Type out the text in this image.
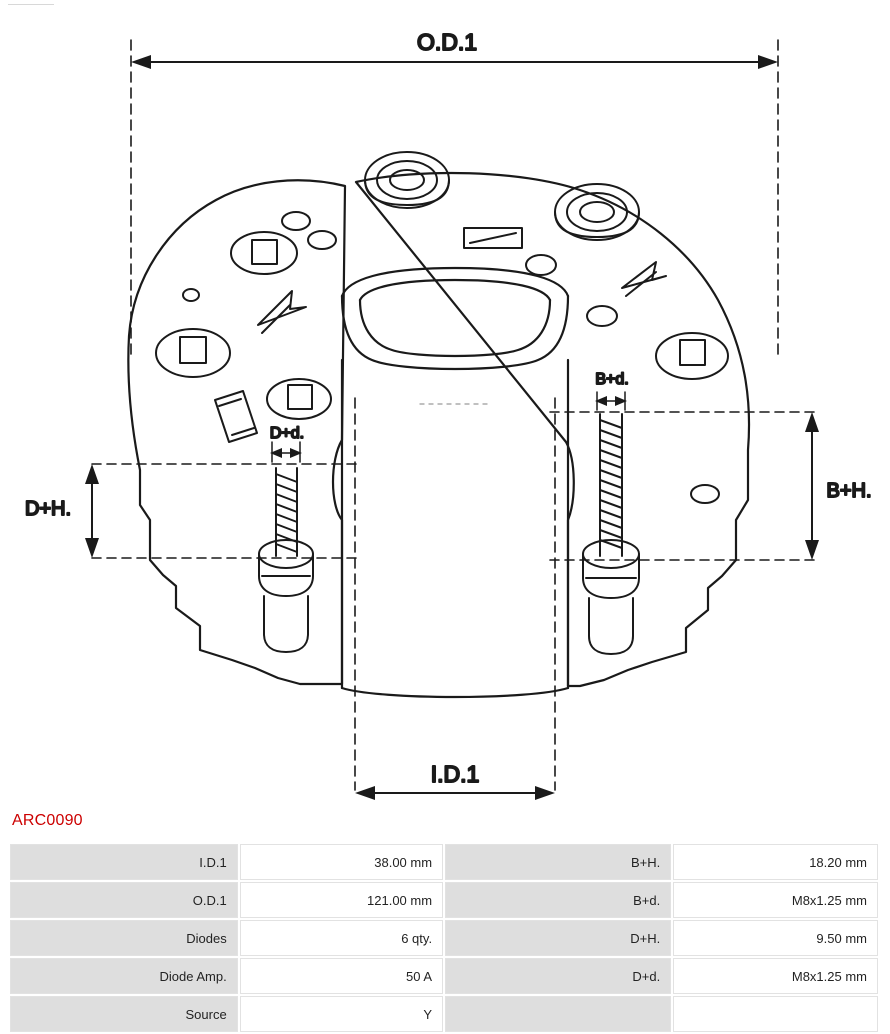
O.D.1
I.D.1
D+H.
D+d.
B+H.
B+d.
ARC0090
I.D.1	38.00 mm	B+H.	18.20 mm
O.D.1	121.00 mm	B+d.	M8x1.25 mm
Diodes	6 qty.	D+H.	9.50 mm
Diode Amp.	50 A	D+d.	M8x1.25 mm
Source	Y		
